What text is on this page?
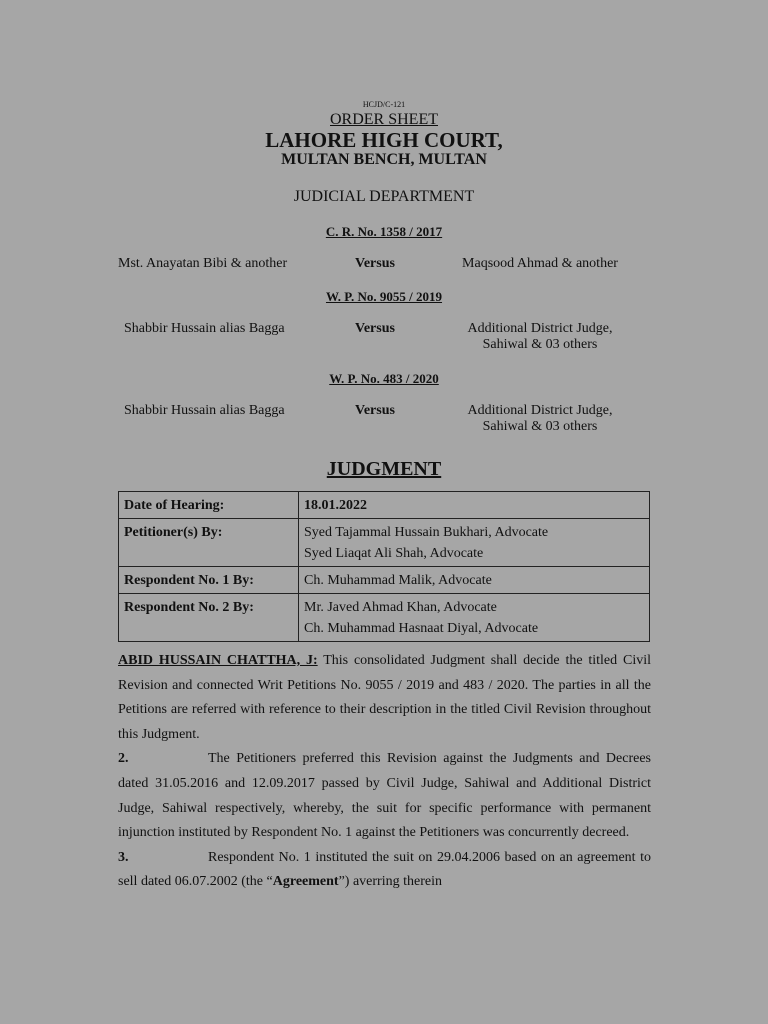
HCJD/C-121
ORDER SHEET
LAHORE HIGH COURT,
MULTAN BENCH, MULTAN
JUDICIAL DEPARTMENT
C. R. No. 1358 / 2017
Mst. Anayatan Bibi & another	Versus	Maqsood Ahmad & another
W. P. No. 9055 / 2019
Shabbir Hussain alias Bagga	Versus	Additional District Judge,
Sahiwal & 03 others
W. P. No. 483 / 2020
Shabbir Hussain alias Bagga	Versus	Additional District Judge,
Sahiwal & 03 others
JUDGMENT
Date of Hearing:	18.01.2022
Petitioner(s) By:	Syed Tajammal Hussain Bukhari, Advocate
Syed Liaqat Ali Shah, Advocate

Respondent No. 1 By:	Ch. Muhammad Malik, Advocate
Respondent No. 2 By:	Mr. Javed Ahmad Khan, Advocate
Ch. Muhammad Hasnaat Diyal, Advocate

ABID HUSSAIN CHATTHA, J: This consolidated Judgment shall decide the titled Civil Revision and connected Writ Petitions No. 9055 / 2019 and 483 / 2020. The parties in all the Petitions are referred with reference to their description in the titled Civil Revision throughout this Judgment.

2.	The Petitioners preferred this Revision against the Judgments and Decrees dated 31.05.2016 and 12.09.2017 passed by Civil Judge, Sahiwal and Additional District Judge, Sahiwal respectively, whereby, the suit for specific performance with permanent injunction instituted by Respondent No. 1 against the Petitioners was concurrently decreed.

3.	Respondent No. 1 instituted the suit on 29.04.2006 based on an agreement to sell dated 06.07.2002 (the “Agreement”) averring therein
